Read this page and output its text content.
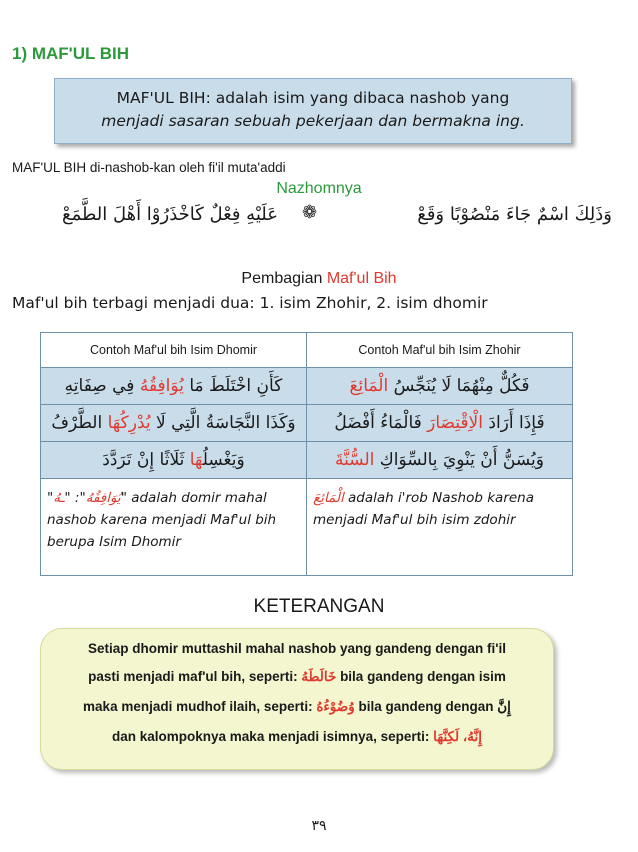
1) MAF'UL BIH
MAF'UL BIH: adalah isim yang dibaca nashob yang
menjadi sasaran sebuah pekerjaan dan bermakna ing.
MAF'UL BIH di-nashob-kan oleh fi'il muta'addi
Nazhomnya
وَذَلِكَ اسْمٌ جَاءَ مَنْصُوْبًا وَقَعْ
❁
عَلَيْهِ فِعْلٌ كَاخْذَرُوْا أَهْلَ الطَّمَعْ
Pembagian Maf'ul Bih
Maf'ul bih terbagi menjadi dua: 1. isim Zhohir, 2. isim dhomir
Contoh Maf'ul bih Isim Dhomir	Contoh Maf'ul bih Isim Zhohir
كَأَنِ اخْتَلَطَ مَا يُوَافِقُهُ فِي صِفَاتِهِ	فَكُلٌّ مِنْهُمَا لَا يُنَجِّسُ الْمَائِعَ
وَكَذَا النَّجَاسَةُ الَّتِي لَا يُدْرِكُهَا الطَّرْفُ	فَإِذَا أَرَادَ الْاِقْتِصَارَ فَالْمَاءُ أَفْضَلُ
وَيَغْسِلُهَا ثَلَاثًا إِنْ تَرَدَّدَ	وَيُسَنُّ أَنْ يَنْوِيَ بِالسِّوَاكِ السُّنَّةَ
" يُوَافِقُهُ": "ـهُ " adalah domir mahal nashob karena menjadi Maf'ul bih berupa Isim Dhomir	الْمَائِعَ adalah i'rob Nashob karena menjadi Maf'ul bih isim zdohir
KETERANGAN
Setiap dhomir muttashil mahal nashob yang gandeng dengan fi'il
pasti menjadi maf'ul bih, seperti: خَالَطَهُ bila gandeng dengan isim
maka menjadi mudhof ilaih, seperti: وُضُوْءُهُ bila gandeng dengan إِنَّ
dan kalompoknya maka menjadi isimnya, seperti: إِنَّهُ، لَكِنَّهَا
٣٩
